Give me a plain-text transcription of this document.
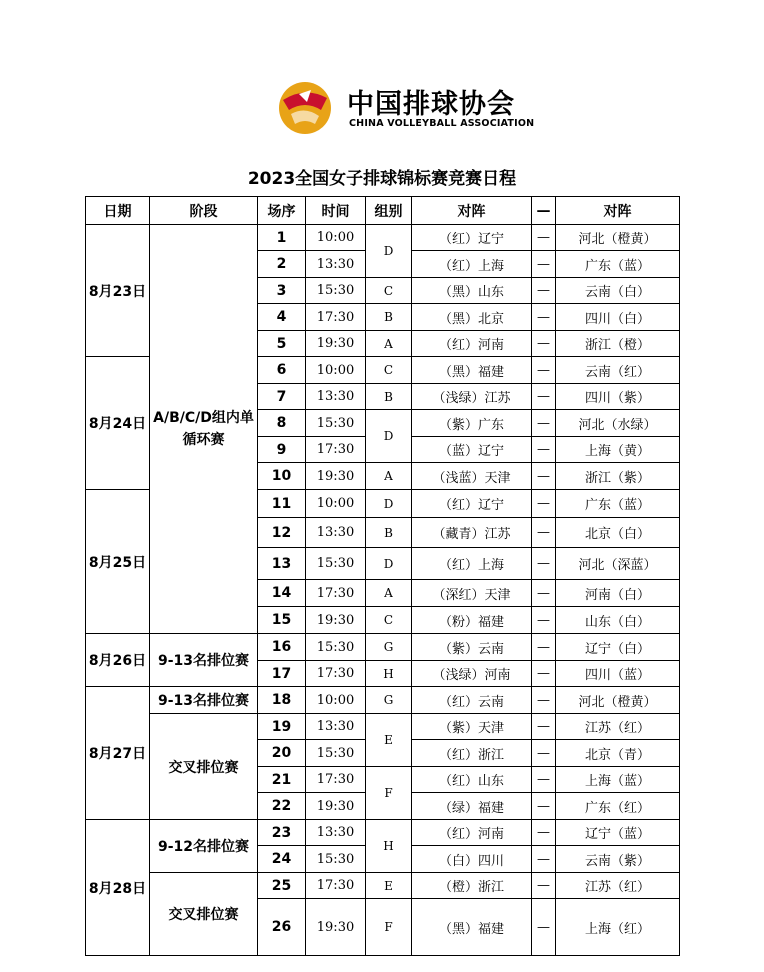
中国排球协会
CHINA VOLLEYBALL ASSOCIATION
2023全国女子排球锦标赛竞赛日程
日期	阶段	场序	时间	组别	对阵	—	对阵
8月23日	A/B/C/D组内单循环赛	1	10:00	D	（红）辽宁	—	河北（橙黄）
		2	13:30		（红）上海	—	广东（蓝）
		3	15:30	C	（黑）山东	—	云南（白）
		4	17:30	B	（黑）北京	—	四川（白）
		5	19:30	A	（红）河南	—	浙江（橙）
8月24日		6	10:00	C	（黑）福建	—	云南（红）
		7	13:30	B	（浅绿）江苏	—	四川（紫）
		8	15:30	D	（紫）广东	—	河北（水绿）
		9	17:30		（蓝）辽宁	—	上海（黄）
		10	19:30	A	（浅蓝）天津	—	浙江（紫）
8月25日		11	10:00	D	（红）辽宁	—	广东（蓝）
		12	13:30	B	（藏青）江苏	—	北京（白）
		13	15:30	D	（红）上海	—	河北（深蓝）
		14	17:30	A	（深红）天津	—	河南（白）
		15	19:30	C	（粉）福建	—	山东（白）
8月26日	9-13名排位赛	16	15:30	G	（紫）云南	—	辽宁（白）
		17	17:30	H	（浅绿）河南	—	四川（蓝）
8月27日	9-13名排位赛	18	10:00	G	（红）云南	—	河北（橙黄）
	交叉排位赛	19	13:30	E	（紫）天津	—	江苏（红）
		20	15:30		（红）浙江	—	北京（青）
		21	17:30	F	（红）山东	—	上海（蓝）
		22	19:30		（绿）福建	—	广东（红）
8月28日	9-12名排位赛	23	13:30	H	（红）河南	—	辽宁（蓝）
		24	15:30		（白）四川	—	云南（紫）
	交叉排位赛	25	17:30	E	（橙）浙江	—	江苏（红）
		26	19:30	F	（黑）福建	—	上海（红）
